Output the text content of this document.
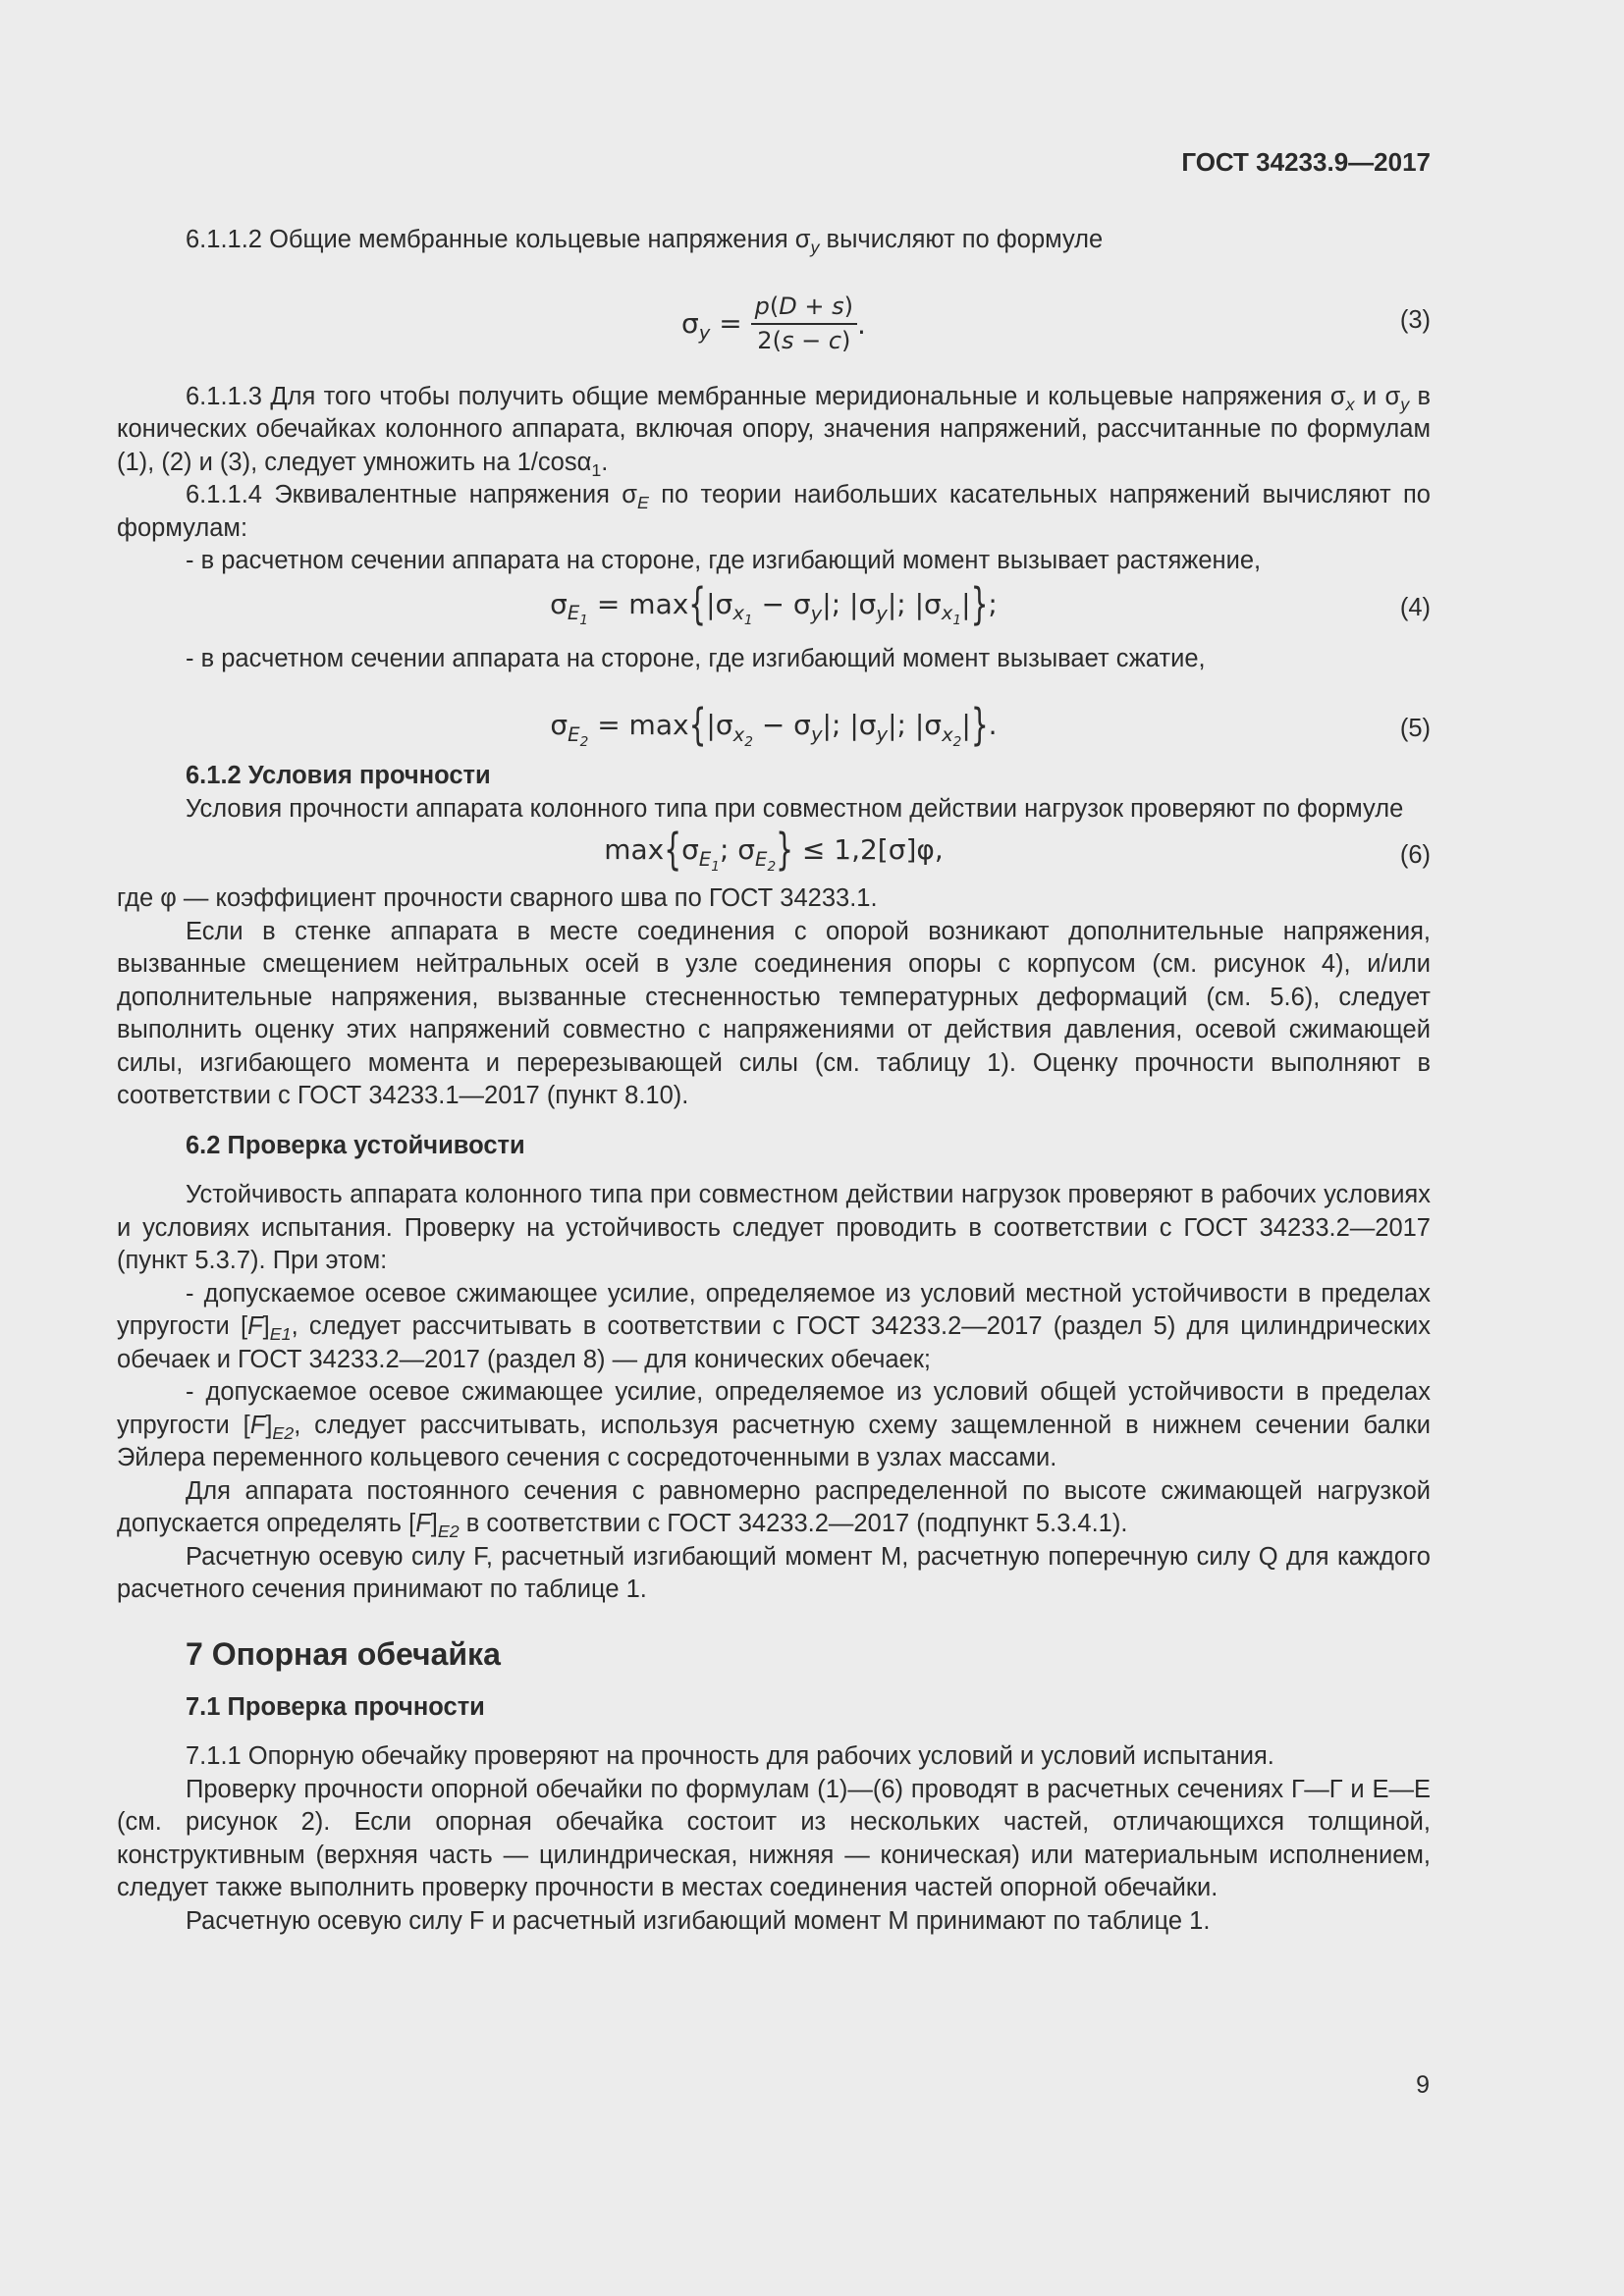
ГОСТ 34233.9—2017

6.1.1.2 Общие мембранные кольцевые напряжения $\sigma_y$ вычисляют по формуле

$\sigma_y = \frac{p(D + s)}{2(s - c)}$ .	(3)

6.1.1.3 Для того чтобы получить общие мембранные меридиональные и кольцевые напряжения $\sigma_x$ и $\sigma_y$ в конических обечайках колонного аппарата, включая опору, значения напряжений, рассчитанные по формулам (1), (2) и (3), следует умножить на 1/cosα$_1$.

6.1.1.4 Эквивалентные напряжения $\sigma_E$ по теории наибольших касательных напряжений вычисляют по формулам:

- в расчетном сечении аппарата на стороне, где изгибающий момент вызывает растяжение,

$\sigma_{E_1} = \max\{|\sigma_{x_1} - \sigma_y|$; $|\sigma_y|$; $|\sigma_{x_1}|$};	(4)

- в расчетном сечении аппарата на стороне, где изгибающий момент вызывает сжатие,

$\sigma_{E_2} = \max\{|\sigma_{x_2} - \sigma_y|$; $|\sigma_y|$; $|\sigma_{x_2}|$}.	(5)

6.1.2 Условия прочности

Условия прочности аппарата колонного типа при совместном действии нагрузок проверяют по формуле

$\max\{\sigma_{E_1}$; $\sigma_{E_2}\} \le 1,2[\sigma]\varphi$,	(6)

где φ — коэффициент прочности сварного шва по ГОСТ 34233.1.

Если в стенке аппарата в месте соединения с опорой возникают дополнительные напряжения, вызванные смещением нейтральных осей в узле соединения опоры с корпусом (см. рисунок 4), и/или дополнительные напряжения, вызванные стесненностью температурных деформаций (см. 5.6), следует выполнить оценку этих напряжений совместно с напряжениями от действия давления, осевой сжимающей силы, изгибающего момента и перерезывающей силы (см. таблицу 1). Оценку прочности выполняют в соответствии с ГОСТ 34233.1—2017 (пункт 8.10).

6.2 Проверка устойчивости

Устойчивость аппарата колонного типа при совместном действии нагрузок проверяют в рабочих условиях и условиях испытания. Проверку на устойчивость следует проводить в соответствии с ГОСТ 34233.2—2017 (пункт 5.3.7). При этом:

- допускаемое осевое сжимающее усилие, определяемое из условий местной устойчивости в пределах упругости $[F]_{E1}$, следует рассчитывать в соответствии с ГОСТ 34233.2—2017 (раздел 5) для цилиндрических обечаек и ГОСТ 34233.2—2017 (раздел 8) — для конических обечаек;

- допускаемое осевое сжимающее усилие, определяемое из условий общей устойчивости в пределах упругости $[F]_{E2}$, следует рассчитывать, используя расчетную схему защемленной в нижнем сечении балки Эйлера переменного кольцевого сечения с сосредоточенными в узлах массами.

Для аппарата постоянного сечения с равномерно распределенной по высоте сжимающей нагрузкой допускается определять $[F]_{E2}$ в соответствии с ГОСТ 34233.2—2017 (подпункт 5.3.4.1).

Расчетную осевую силу F, расчетный изгибающий момент M, расчетную поперечную силу Q для каждого расчетного сечения принимают по таблице 1.

7 Опорная обечайка

7.1 Проверка прочности

7.1.1 Опорную обечайку проверяют на прочность для рабочих условий и условий испытания.

Проверку прочности опорной обечайки по формулам (1)—(6) проводят в расчетных сечениях Г—Г и Е—Е (см. рисунок 2). Если опорная обечайка состоит из нескольких частей, отличающихся толщиной, конструктивным (верхняя часть — цилиндрическая, нижняя — коническая) или материальным исполнением, следует также выполнить проверку прочности в местах соединения частей опорной обечайки.

Расчетную осевую силу F и расчетный изгибающий момент M принимают по таблице 1.

9
